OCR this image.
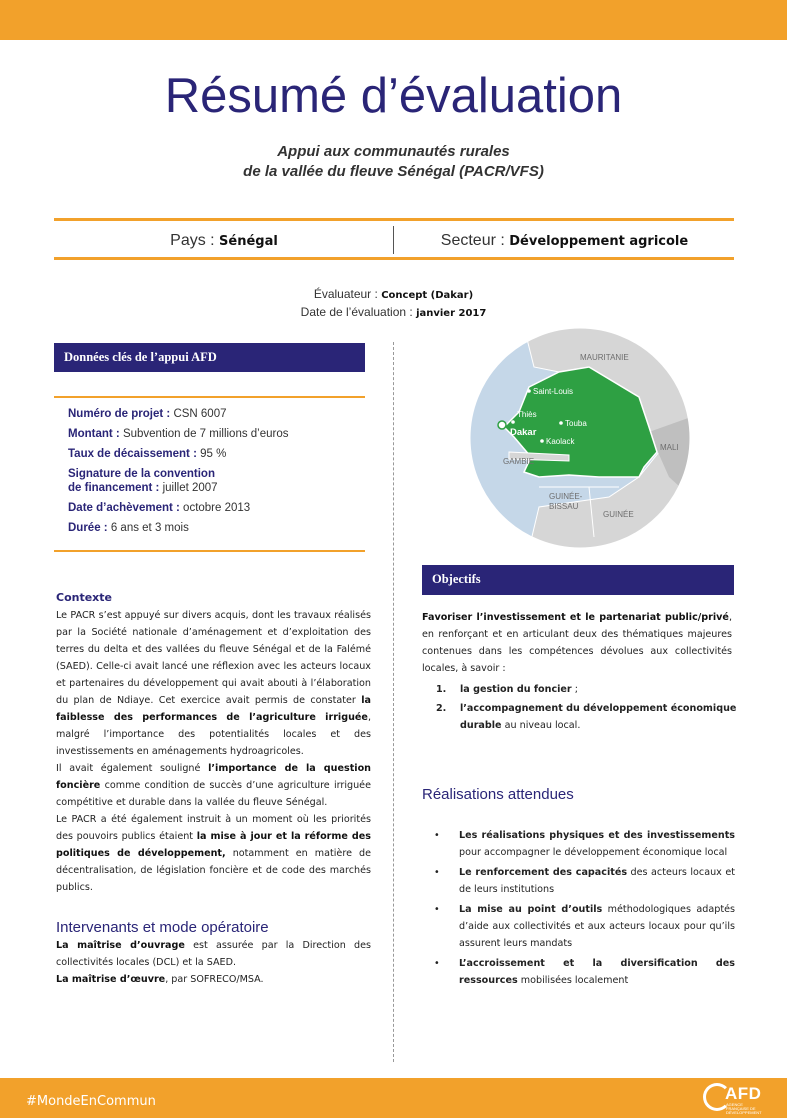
Résumé d’évaluation
Appui aux communautés rurales
de la vallée du fleuve Sénégal (PACR/VFS)
Pays : Sénégal	Secteur : Développement agricole
Évaluateur : Concept (Dakar)
Date de l’évaluation : janvier 2017
Données clés de l’appui AFD
Numéro de projet : CSN 6007
Montant : Subvention de 7 millions d’euros
Taux de décaissement : 95 %
Signature de la convention
de financement : juillet 2007
Date d’achèvement : octobre 2013
Durée : 6 ans et 3 mois
MAURITANIE
MALI
GAMBIE
GUINÉE-
BISSAU
GUINÉE
Saint-Louis
Thiès
Touba
Dakar
Kaolack
Contexte
Le PACR s’est appuyé sur divers acquis, dont les travaux réalisés par la Société nationale d’aménagement et d’exploitation des terres du delta et des vallées du fleuve Sénégal et de la Falémé (SAED). Celle-ci avait lancé une réflexion avec les acteurs locaux et partenaires du développement qui avait abouti à l’élaboration du plan de Ndiaye. Cet exercice avait permis de constater la faiblesse des performances de l’agriculture irriguée, malgré l’importance des potentialités locales et des investissements en aménagements hydroagricoles.
Il avait également souligné l’importance de la question foncière comme condition de succès d’une agriculture irriguée compétitive et durable dans la vallée du fleuve Sénégal.
Le PACR a été également instruit à un moment où les priorités des pouvoirs publics étaient la mise à jour et la réforme des politiques de développement, notamment en matière de décentralisation, de législation foncière et de code des marchés publics.
Intervenants et mode opératoire
La maîtrise d’ouvrage est assurée par la Direction des collectivités locales (DCL) et la SAED.
La maîtrise d’œuvre, par SOFRECO/MSA.
Objectifs
Favoriser l’investissement et le partenariat public/privé, en renforçant et en articulant deux des thématiques majeures contenues dans les compétences dévolues aux collectivités locales, à savoir :
1. la gestion du foncier ;
2. l’accompagnement du développement économique durable au niveau local.
Réalisations attendues
• Les réalisations physiques et des investissements pour accompagner le développement économique local
• Le renforcement des capacités des acteurs locaux et de leurs institutions
• La mise au point d’outils méthodologiques adaptés d’aide aux collectivités et aux acteurs locaux pour qu’ils assurent leurs mandats
• L’accroissement et la diversification des ressources mobilisées localement
#MondeEnCommun	AFD
AGENCE FRANÇAISE DE DÉVELOPPEMENT
